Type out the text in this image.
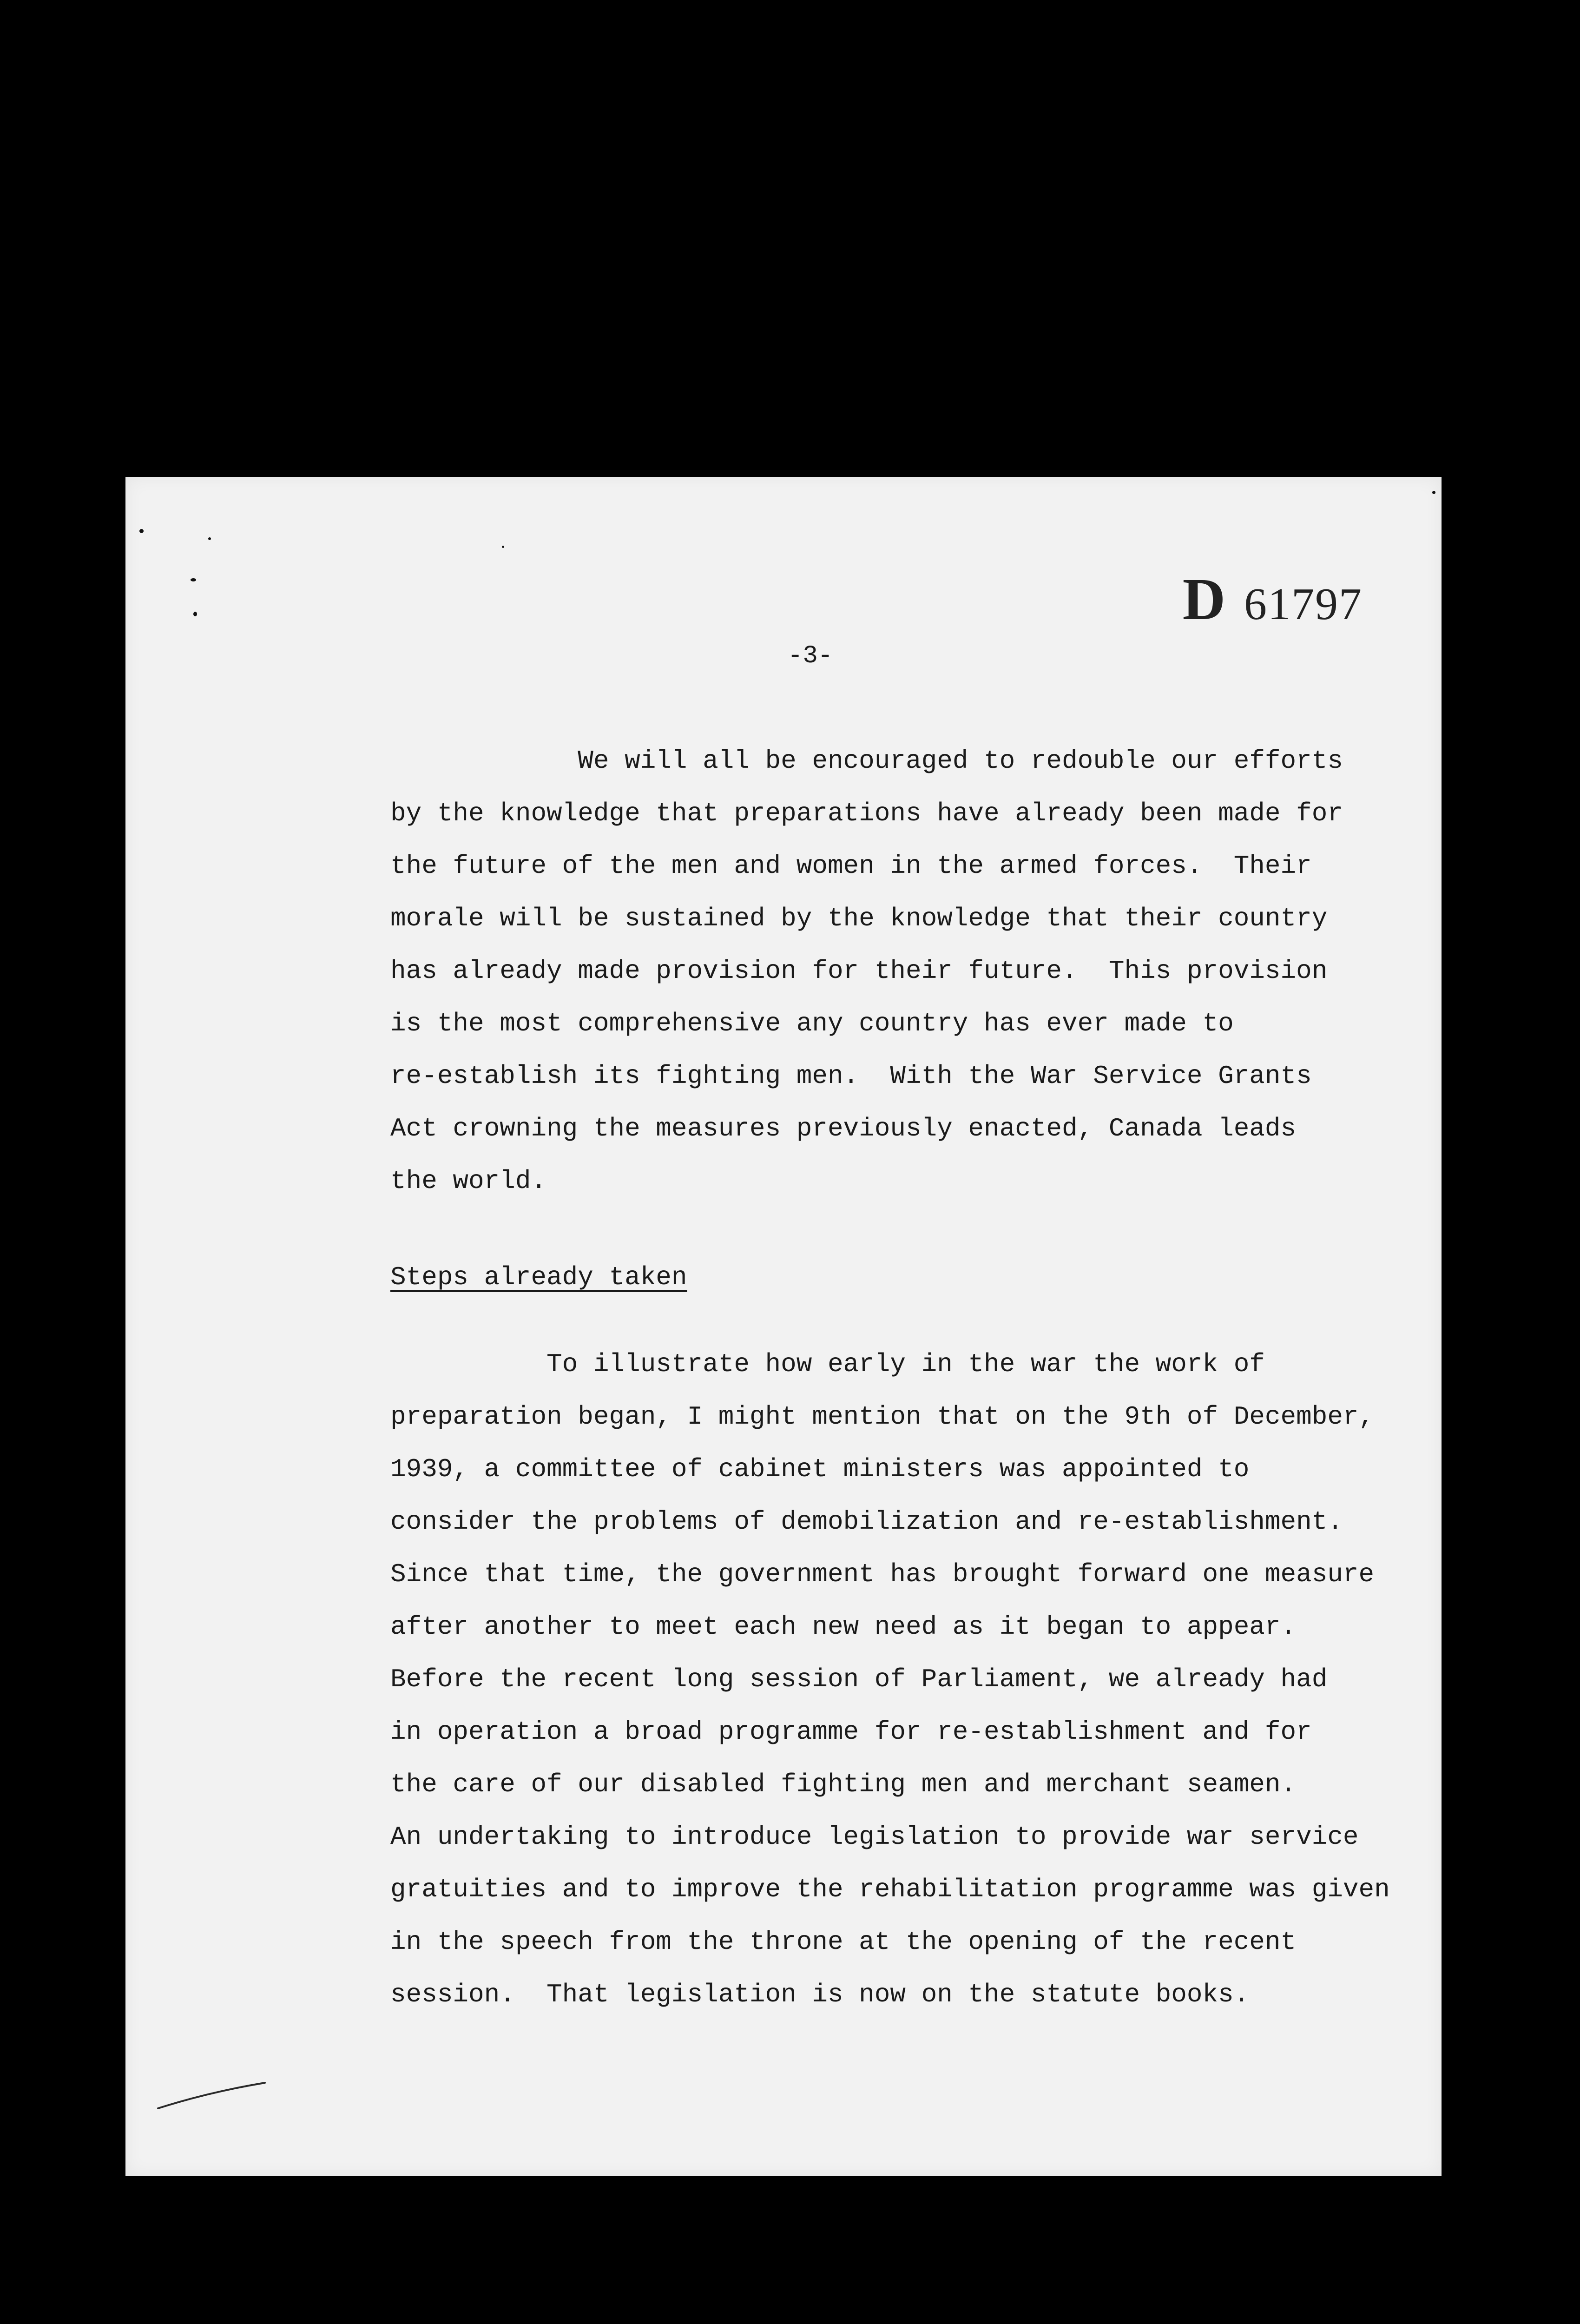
D 61797
-3-
We will all be encouraged to redouble our efforts
by the knowledge that preparations have already been made for
the future of the men and women in the armed forces.  Their
morale will be sustained by the knowledge that their country
has already made provision for their future.  This provision
is the most comprehensive any country has ever made to
re-establish its fighting men.  With the War Service Grants
Act crowning the measures previously enacted, Canada leads
the world.

Steps already taken

To illustrate how early in the war the work of
preparation began, I might mention that on the 9th of December,
1939, a committee of cabinet ministers was appointed to
consider the problems of demobilization and re-establishment.
Since that time, the government has brought forward one measure
after another to meet each new need as it began to appear.
Before the recent long session of Parliament, we already had
in operation a broad programme for re-establishment and for
the care of our disabled fighting men and merchant seamen.
An undertaking to introduce legislation to provide war service
gratuities and to improve the rehabilitation programme was given
in the speech from the throne at the opening of the recent
session.  That legislation is now on the statute books.
